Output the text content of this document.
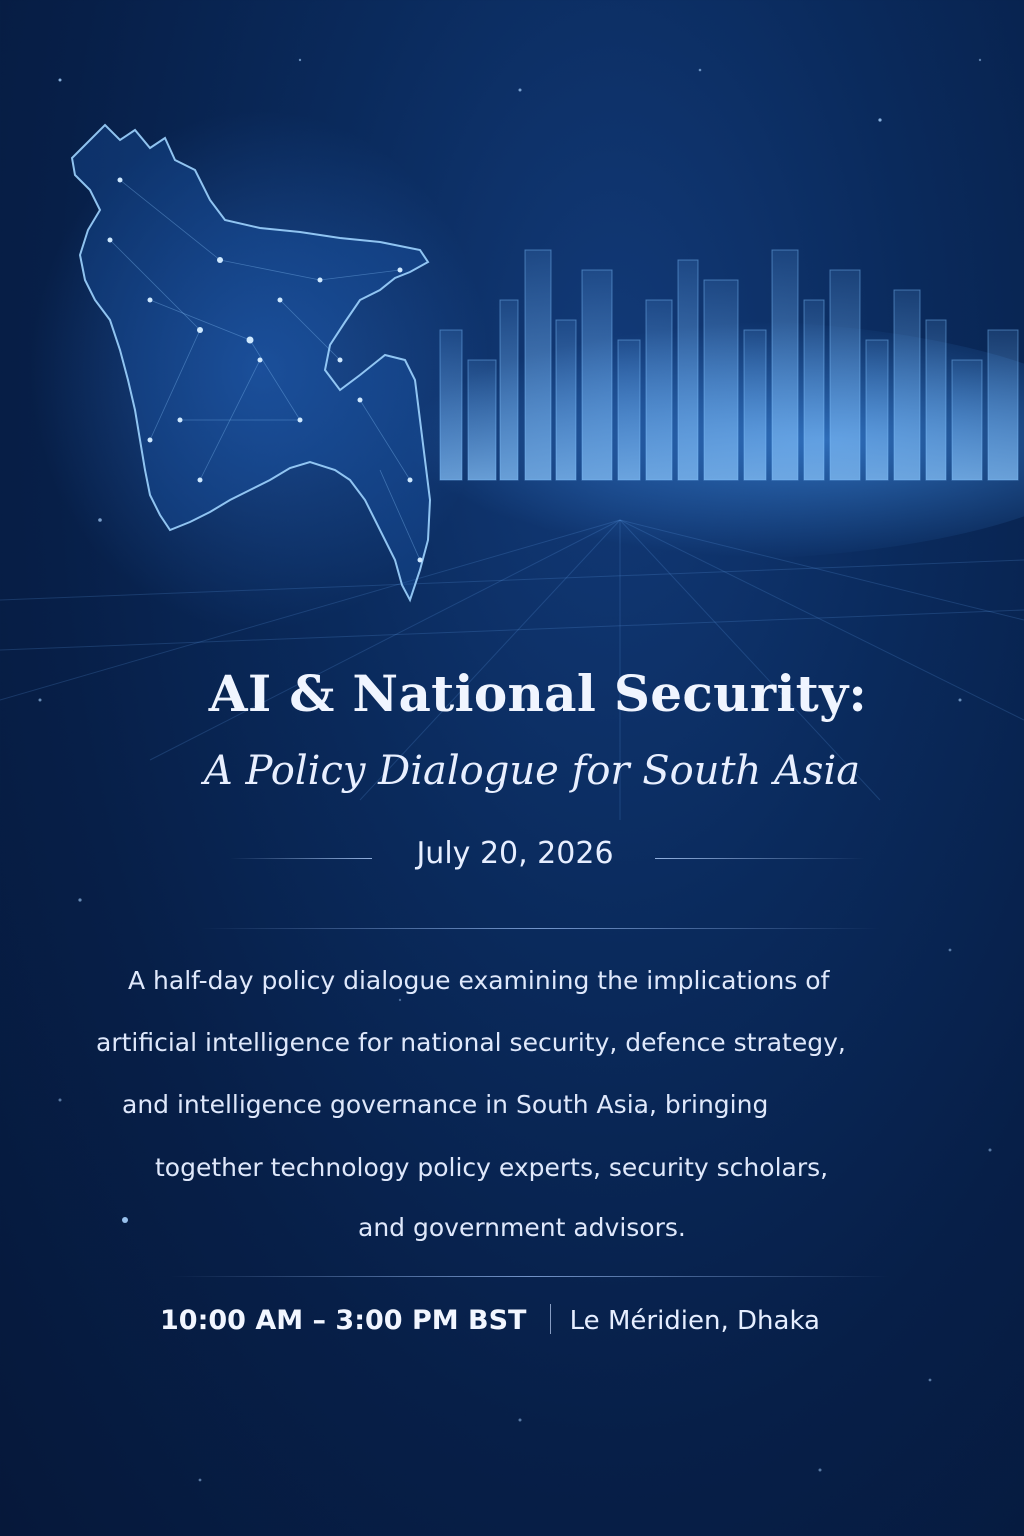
AI & National Security:
A Policy Dialogue for South Asia
July 20, 2026
A half-day policy dialogue examining the implications of
artificial intelligence for national security, defence strategy,
and intelligence governance in South Asia, bringing
together technology policy experts, security scholars,
and government advisors.
10:00 AM – 3:00 PM BST Le Méridien, Dhaka
